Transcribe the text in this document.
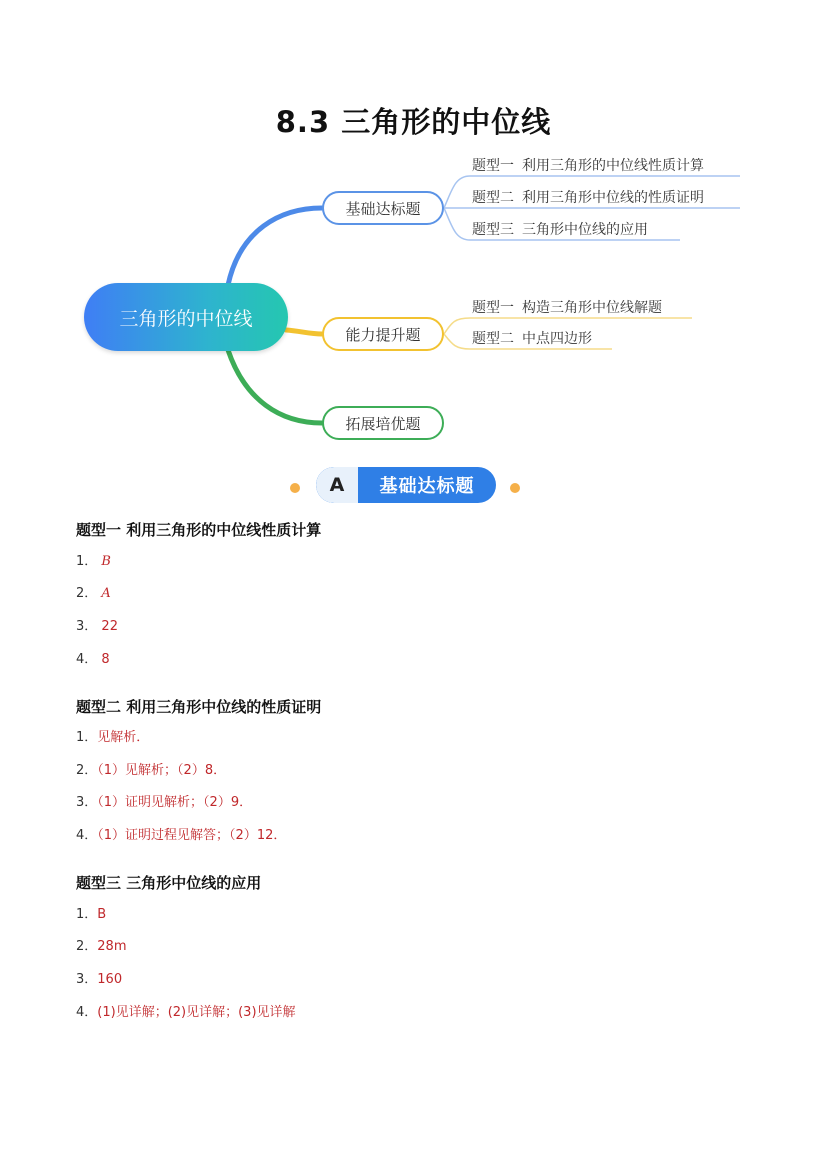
8.3 三角形的中位线
三角形的中位线
基础达标题
能力提升题
拓展培优题
题型一 利用三角形的中位线性质计算
题型二 利用三角形中位线的性质证明
题型三 三角形中位线的应用
题型一 构造三角形中位线解题
题型二 中点四边形
A	基础达标题
题型一 利用三角形的中位线性质计算
1． B
2． A
3． 22
4． 8
题型二 利用三角形中位线的性质证明
1．见解析．
2．（1）见解析；（2）8．
3．（1）证明见解析；（2）9．
4．（1）证明过程见解答；（2）12．
题型三 三角形中位线的应用
1．B
2．28m
3．160
4．(1)见详解；(2)见详解；(3)见详解
